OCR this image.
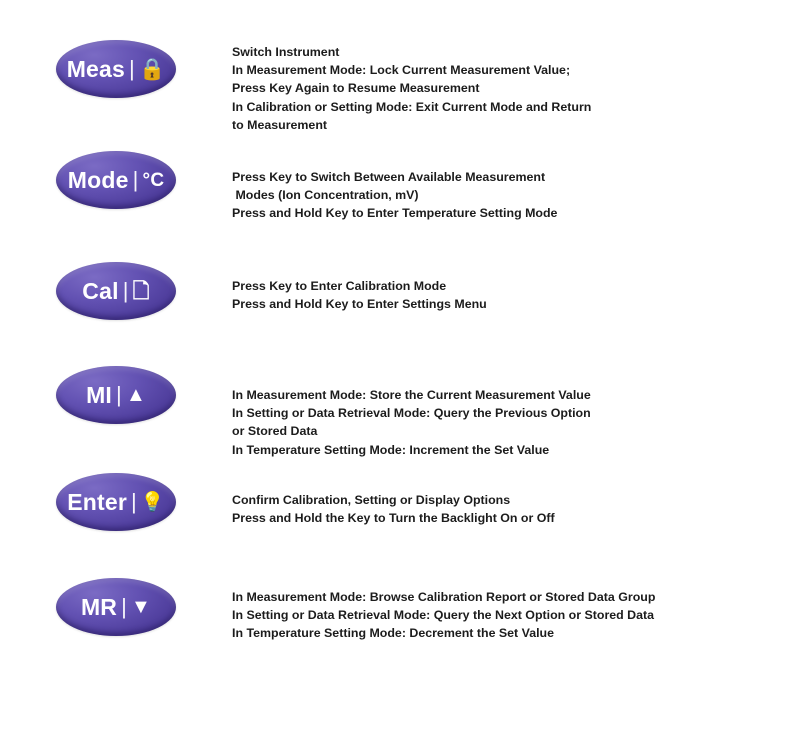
Meas | 🔒
Switch Instrument
In Measurement Mode: Lock Current Measurement Value;
Press Key Again to Resume Measurement
In Calibration or Setting Mode: Exit Current Mode and Return
to Measurement
Mode | °C	Press Key to Switch Between Available Measurement
Modes (Ion Concentration, mV)
Press and Hold Key to Enter Temperature Setting Mode
Cal | 🗋	Press Key to Enter Calibration Mode
Press and Hold Key to Enter Settings Menu
MI | ▲	In Measurement Mode: Store the Current Measurement Value
In Setting or Data Retrieval Mode: Query the Previous Option
or Stored Data
In Temperature Setting Mode: Increment the Set Value
Enter | 💡	Confirm Calibration, Setting or Display Options
Press and Hold the Key to Turn the Backlight On or Off
MR | ▼	In Measurement Mode: Browse Calibration Report or Stored Data Group
In Setting or Data Retrieval Mode: Query the Next Option or Stored Data
In Temperature Setting Mode: Decrement the Set Value
